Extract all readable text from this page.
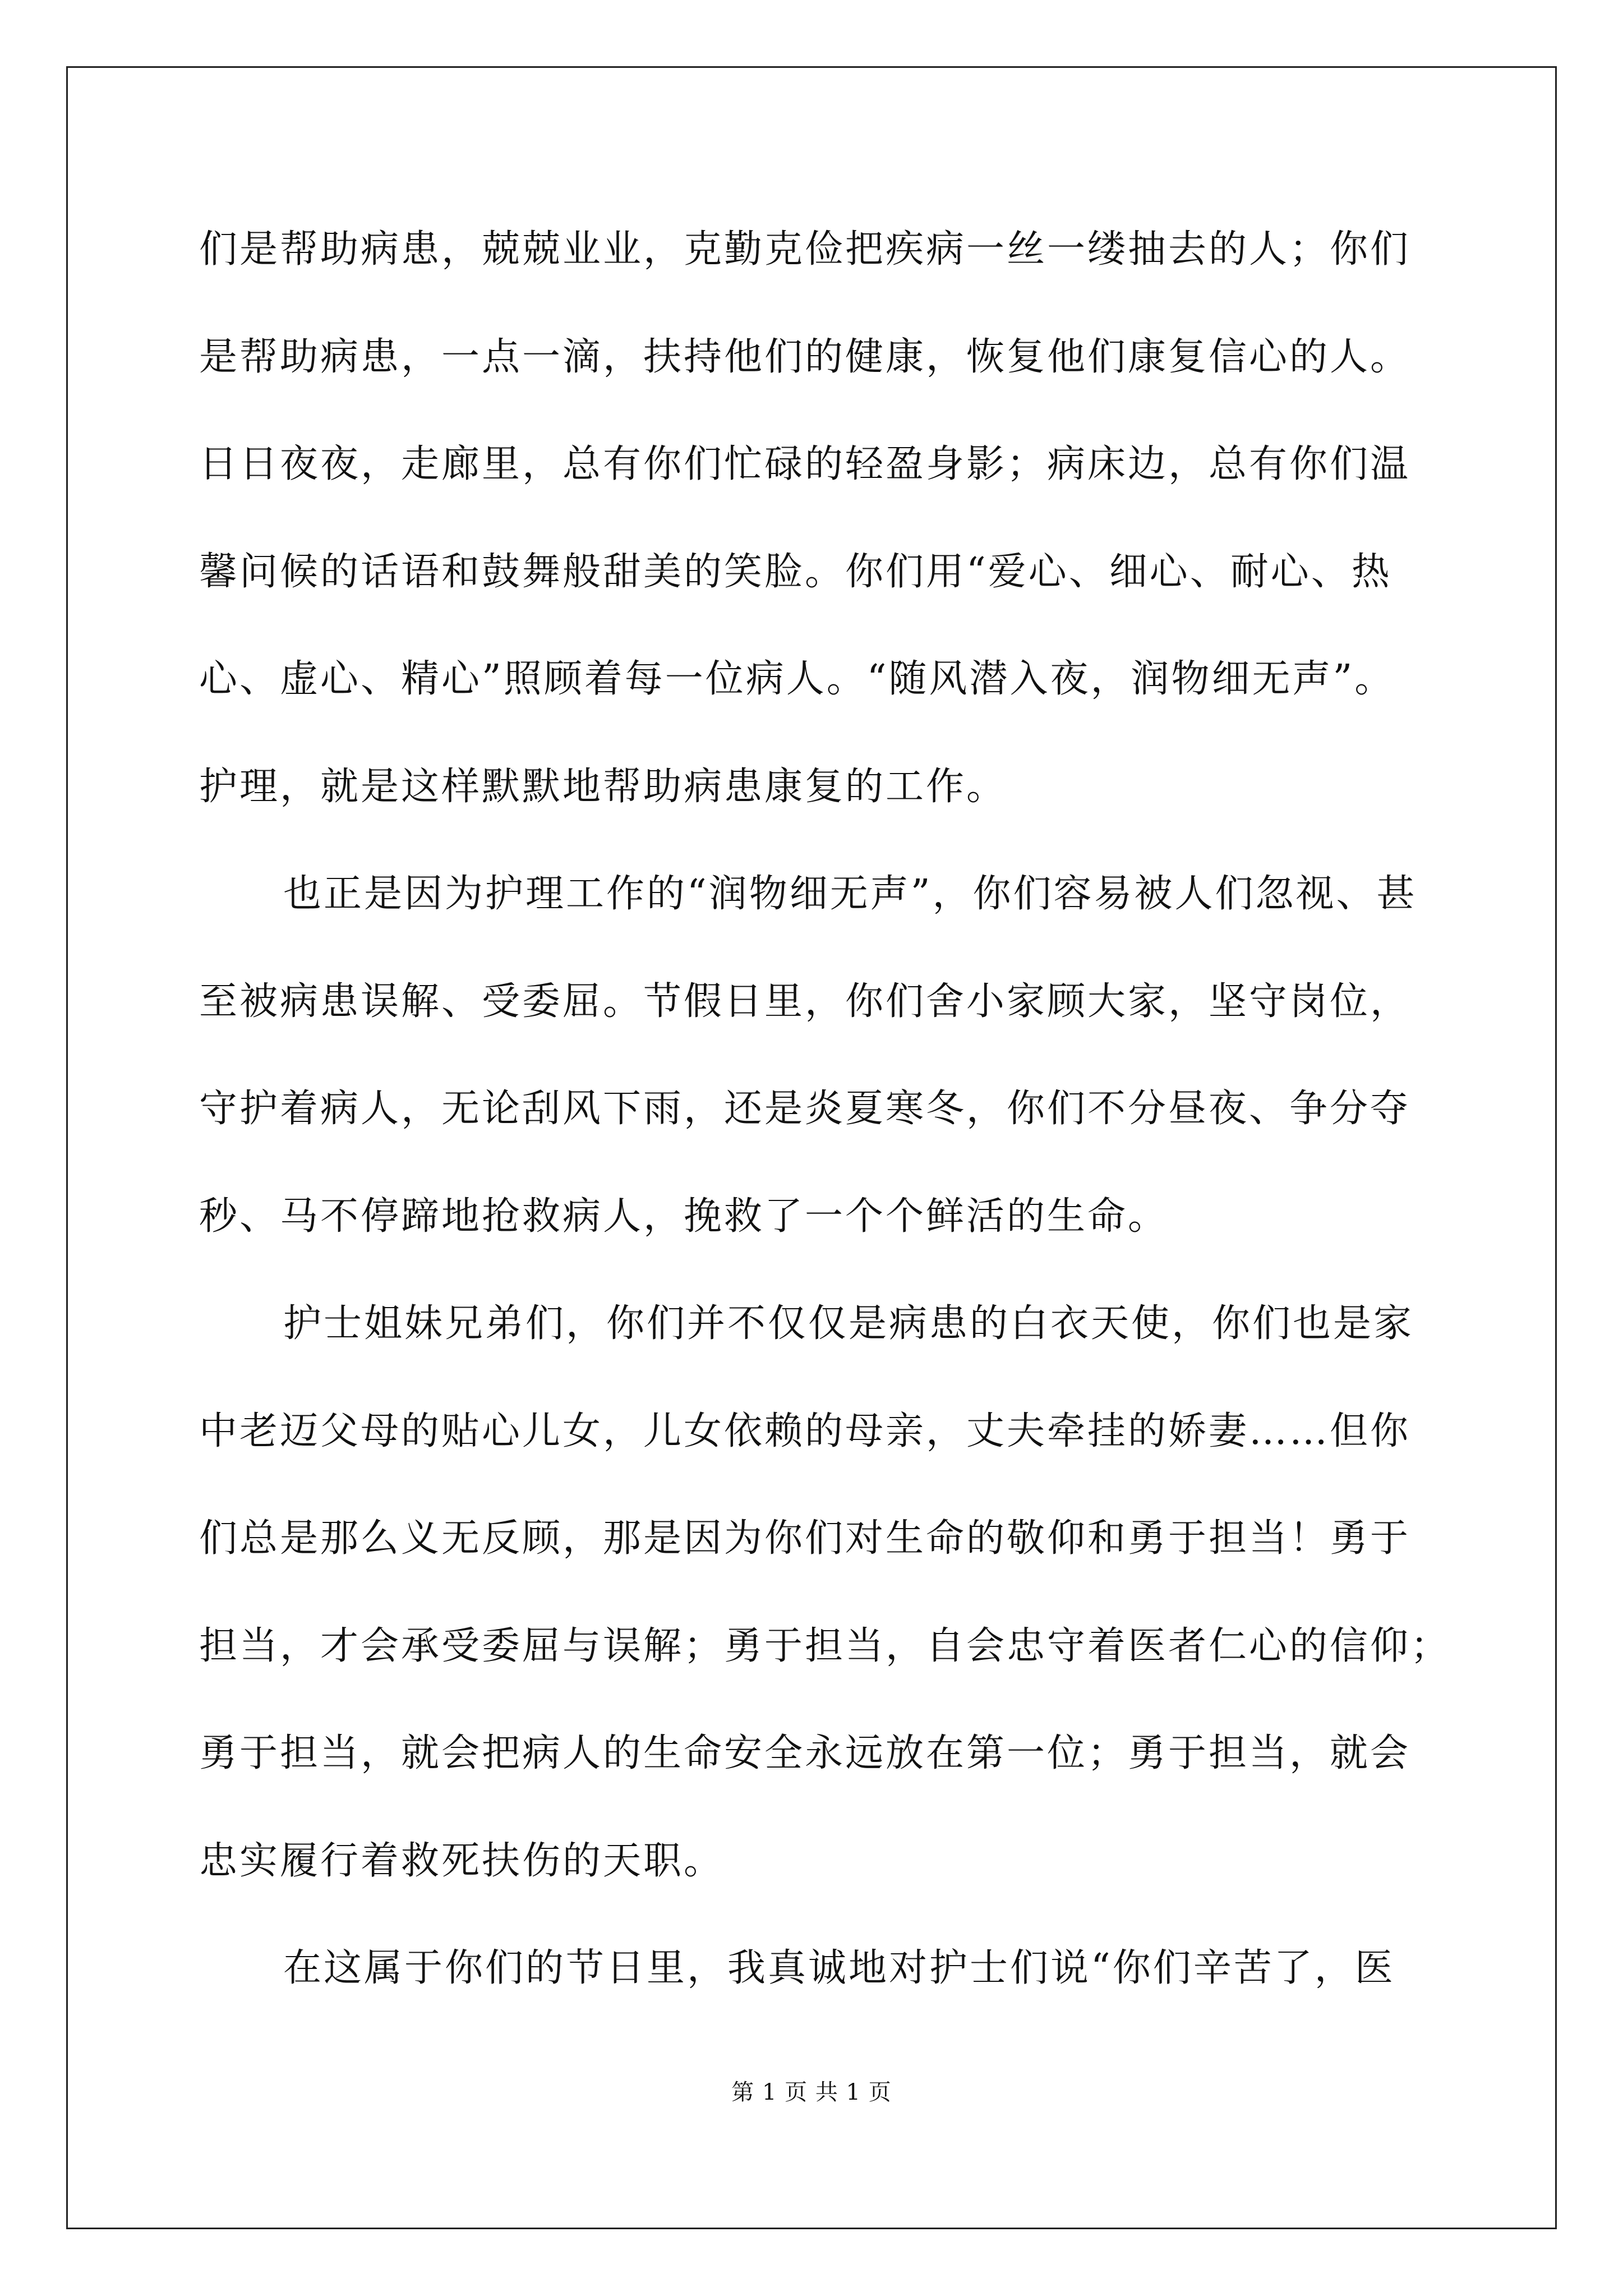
们是帮助病患，兢兢业业，克勤克俭把疾病一丝一缕抽去的人；你们
是帮助病患，一点一滴，扶持他们的健康，恢复他们康复信心的人。
日日夜夜，走廊里，总有你们忙碌的轻盈身影；病床边，总有你们温
馨问候的话语和鼓舞般甜美的笑脸。你们用“爱心、细心、耐心、热
心、虚心、精心”照顾着每一位病人。“随风潜入夜，润物细无声”。
护理，就是这样默默地帮助病患康复的工作。
也正是因为护理工作的“润物细无声”，你们容易被人们忽视、甚
至被病患误解、受委屈。节假日里，你们舍小家顾大家，坚守岗位，
守护着病人，无论刮风下雨，还是炎夏寒冬，你们不分昼夜、争分夺
秒、马不停蹄地抢救病人，挽救了一个个鲜活的生命。
护士姐妹兄弟们，你们并不仅仅是病患的白衣天使，你们也是家
中老迈父母的贴心儿女，儿女依赖的母亲，丈夫牵挂的娇妻……但你
们总是那么义无反顾，那是因为你们对生命的敬仰和勇于担当！勇于
担当，才会承受委屈与误解；勇于担当，自会忠守着医者仁心的信仰；
勇于担当，就会把病人的生命安全永远放在第一位；勇于担当，就会
忠实履行着救死扶伤的天职。
在这属于你们的节日里，我真诚地对护士们说“你们辛苦了，医
第 1 页 共 1 页
